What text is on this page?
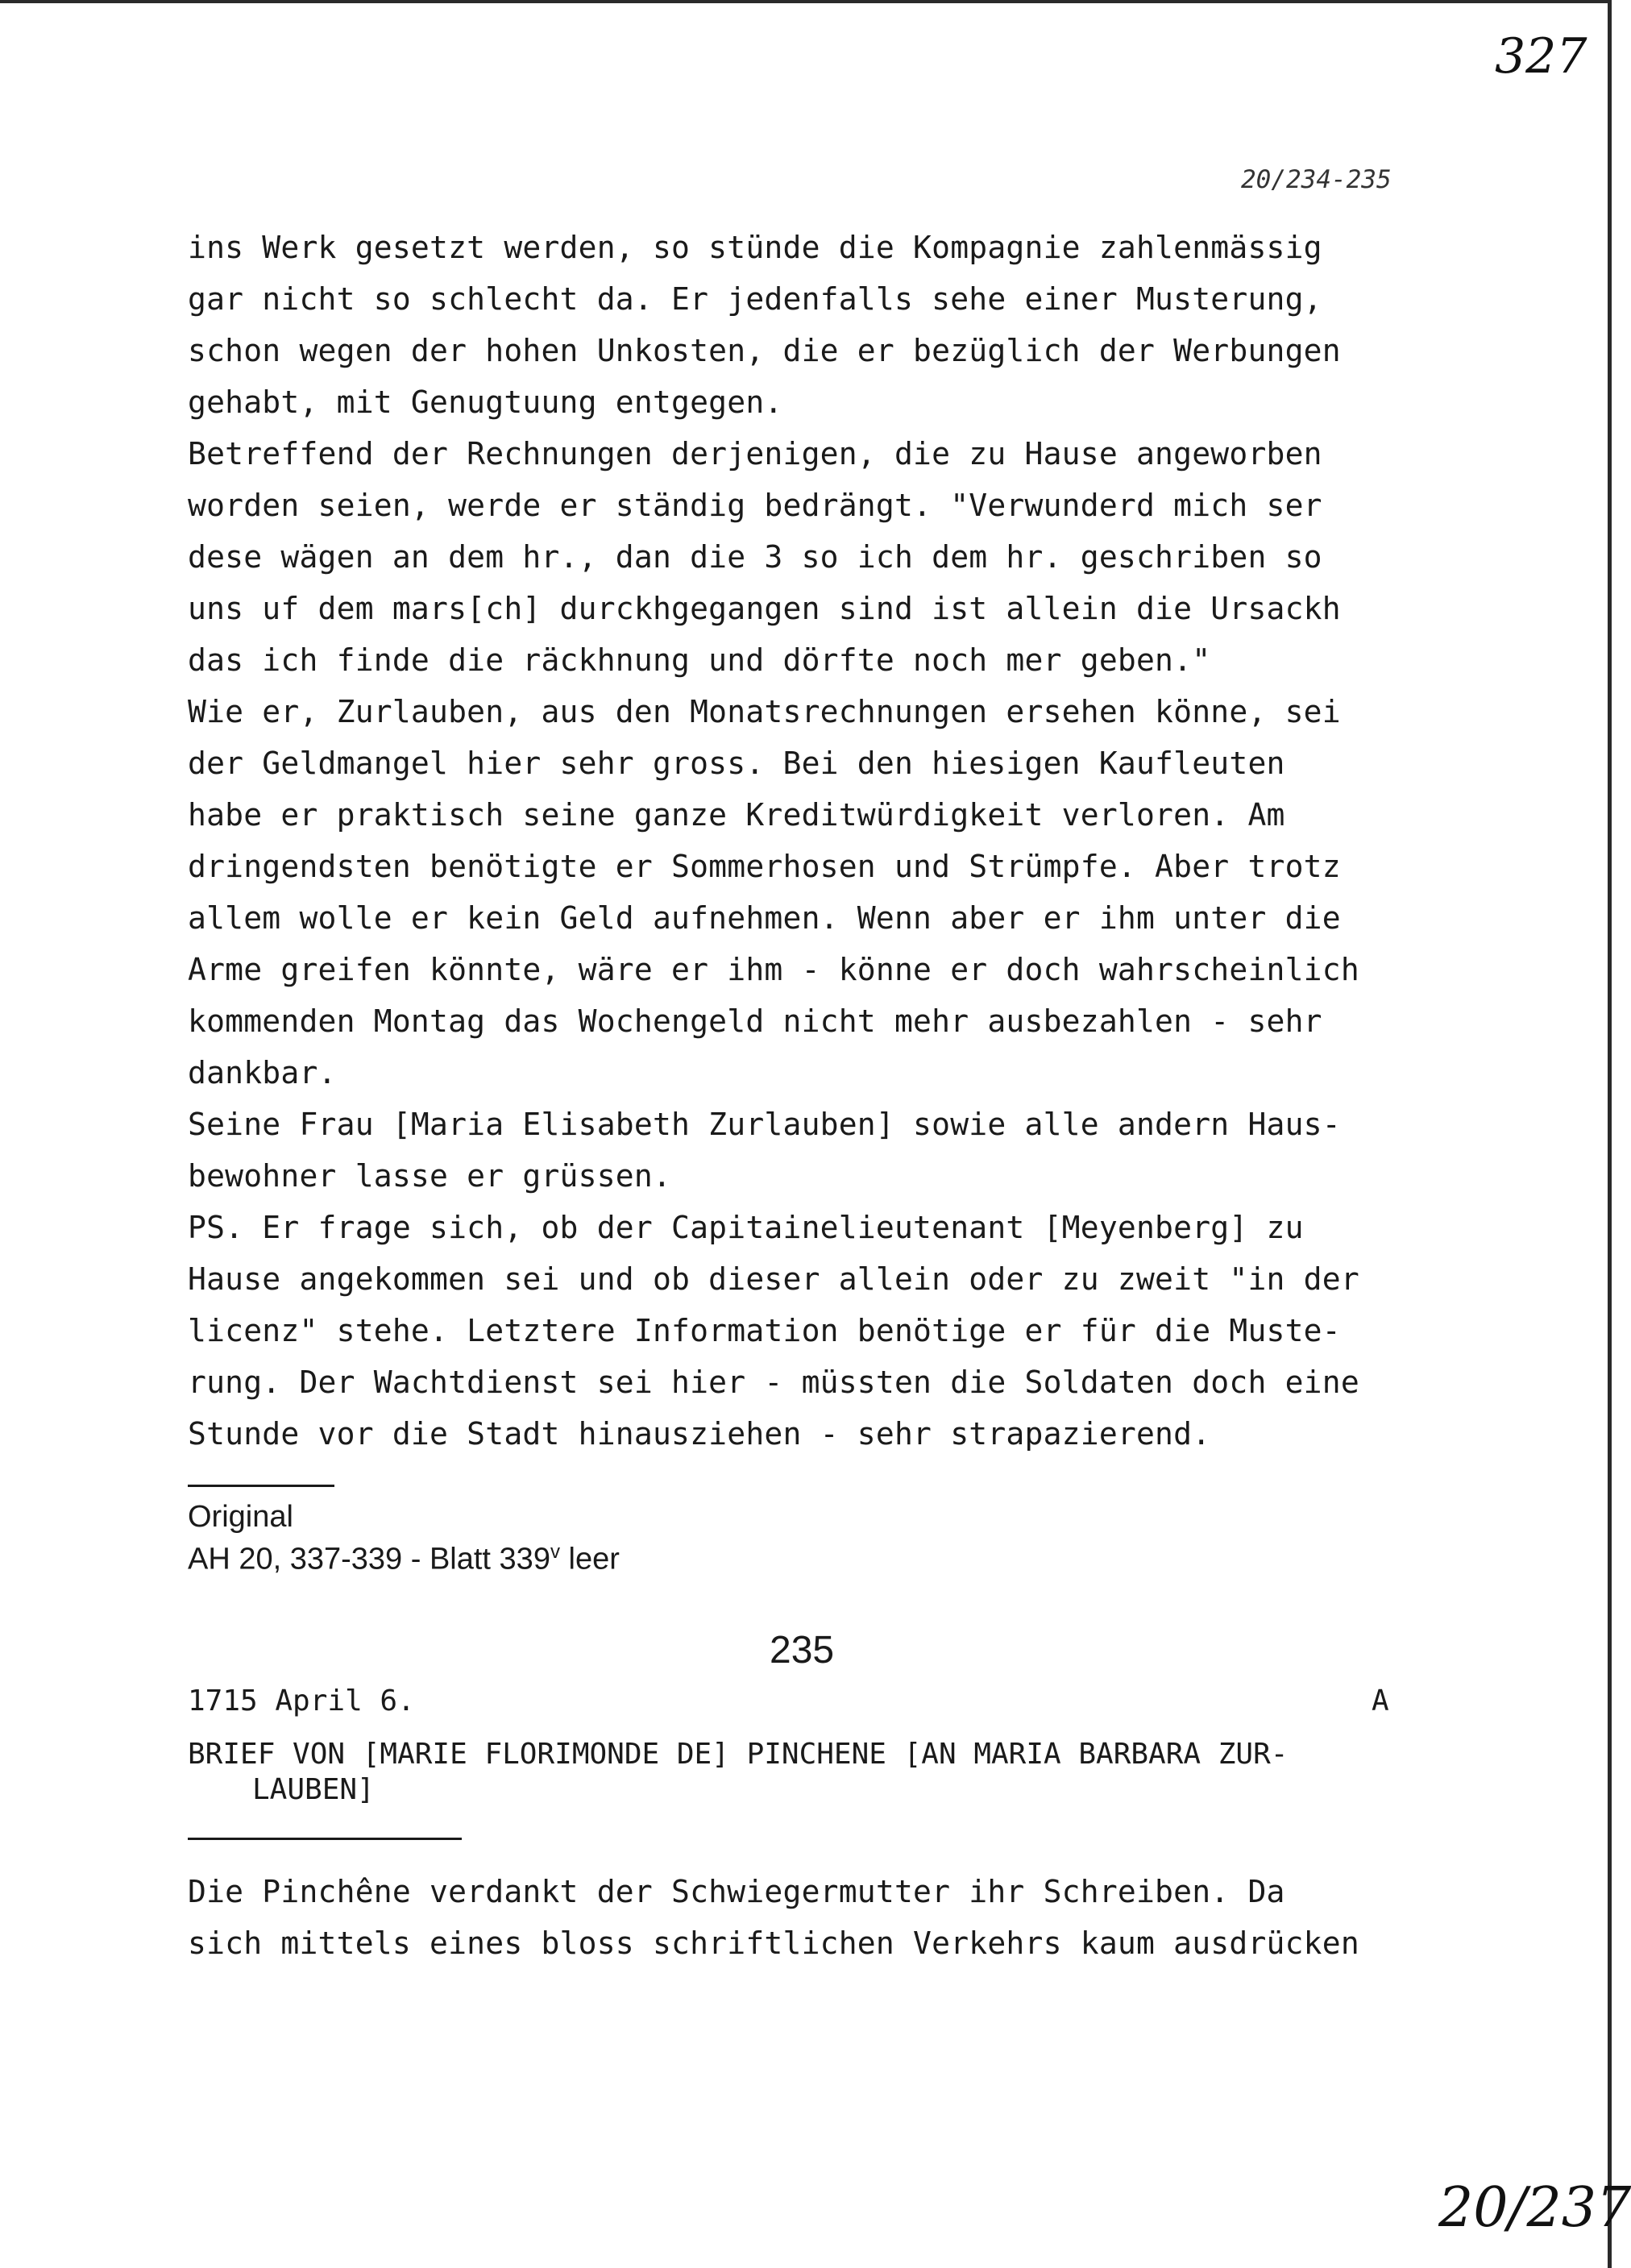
327
20/234-235
ins Werk gesetzt werden, so stünde die Kompagnie zahlenmässig
gar nicht so schlecht da. Er jedenfalls sehe einer Musterung,
schon wegen der hohen Unkosten, die er bezüglich der Werbungen
gehabt, mit Genugtuung entgegen.
Betreffend der Rechnungen derjenigen, die zu Hause angeworben
worden seien, werde er ständig bedrängt. "Verwunderd mich ser
dese wägen an dem hr., dan die 3 so ich dem hr. geschriben so
uns uf dem mars[ch] durckhgegangen sind ist allein die Ursackh
das ich finde die räckhnung und dörfte noch mer geben."
Wie er, Zurlauben, aus den Monatsrechnungen ersehen könne, sei
der Geldmangel hier sehr gross. Bei den hiesigen Kaufleuten
habe er praktisch seine ganze Kreditwürdigkeit verloren. Am
dringendsten benötigte er Sommerhosen und Strümpfe. Aber trotz
allem wolle er kein Geld aufnehmen. Wenn aber er ihm unter die
Arme greifen könnte, wäre er ihm - könne er doch wahrscheinlich
kommenden Montag das Wochengeld nicht mehr ausbezahlen - sehr
dankbar.
Seine Frau [Maria Elisabeth Zurlauben] sowie alle andern Haus-
bewohner lasse er grüssen.
PS. Er frage sich, ob der Capitainelieutenant [Meyenberg] zu
Hause angekommen sei und ob dieser allein oder zu zweit "in der
licenz" stehe. Letztere Information benötige er für die Muste-
rung. Der Wachtdienst sei hier - müssten die Soldaten doch eine
Stunde vor die Stadt hinausziehen - sehr strapazierend.
Original
AH 20, 337-339 - Blatt 339$^v$ leer
235
1715 April 6.	A
BRIEF VON [MARIE FLORIMONDE DE] PINCHENE [AN MARIA BARBARA ZUR-
LAUBEN]
Die Pinchêne verdankt der Schwiegermutter ihr Schreiben. Da
sich mittels eines bloss schriftlichen Verkehrs kaum ausdrücken
20/237
